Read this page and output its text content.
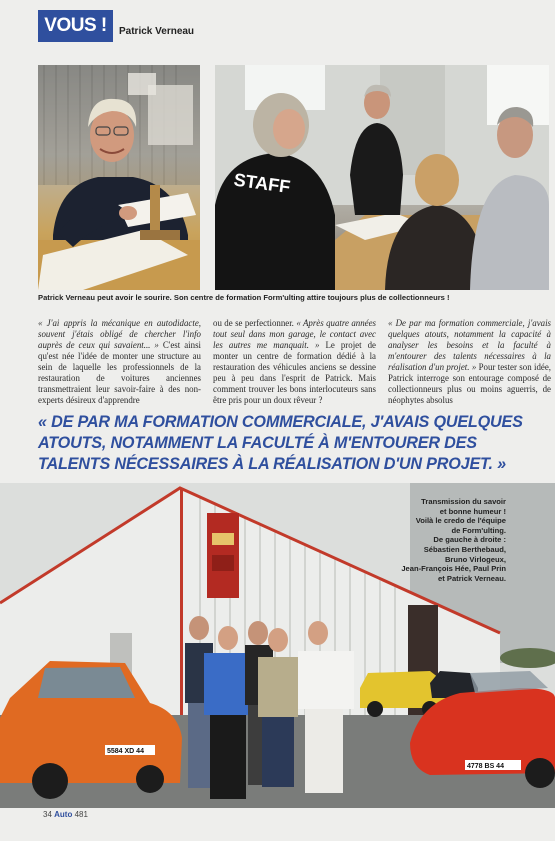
VOUS !	Patrick Verneau
STAFF
Patrick Verneau peut avoir le sourire. Son centre de formation Form'ulting attire toujours plus de collectionneurs !
« J'ai appris la mécanique en autodidacte, souvent j'étais obligé de chercher l'info auprès de ceux qui savaient... » C'est ainsi qu'est née l'idée de monter une structure au sein de laquelle les professionnels de la restauration de voitures anciennes transmettraient leur savoir-faire à des non-experts désireux d'apprendre
ou de se perfectionner. « Après quatre années tout seul dans mon garage, le contact avec les autres me manquait. » Le projet de monter un centre de formation dédié à la restauration des véhicules anciens se dessine peu à peu dans l'esprit de Patrick. Mais comment trouver les bons interlocuteurs sans être pris pour un doux rêveur ?
« De par ma formation commerciale, j'avais quelques atouts, notamment la capacité à analyser les besoins et la faculté à m'entourer des talents nécessaires à la réalisation d'un projet. » Pour tester son idée, Patrick interroge son entourage composé de collectionneurs plus ou moins aguerris, de néophytes absolus
« DE PAR MA FORMATION COMMERCIALE, J'AVAIS QUELQUES ATOUTS, NOTAMMENT LA FACULTÉ À M'ENTOURER DES TALENTS NÉCESSAIRES À LA RÉALISATION D'UN PROJET. »
5584 XD 44
4778 BS 44
Transmission du savoir
et bonne humeur !
Voilà le credo de l'équipe
de Form'ulting.
De gauche à droite :
Sébastien Berthebaud,
Bruno Virlogeux,
Jean-François Hée, Paul Prin
et Patrick Verneau.
34 Auto 481
